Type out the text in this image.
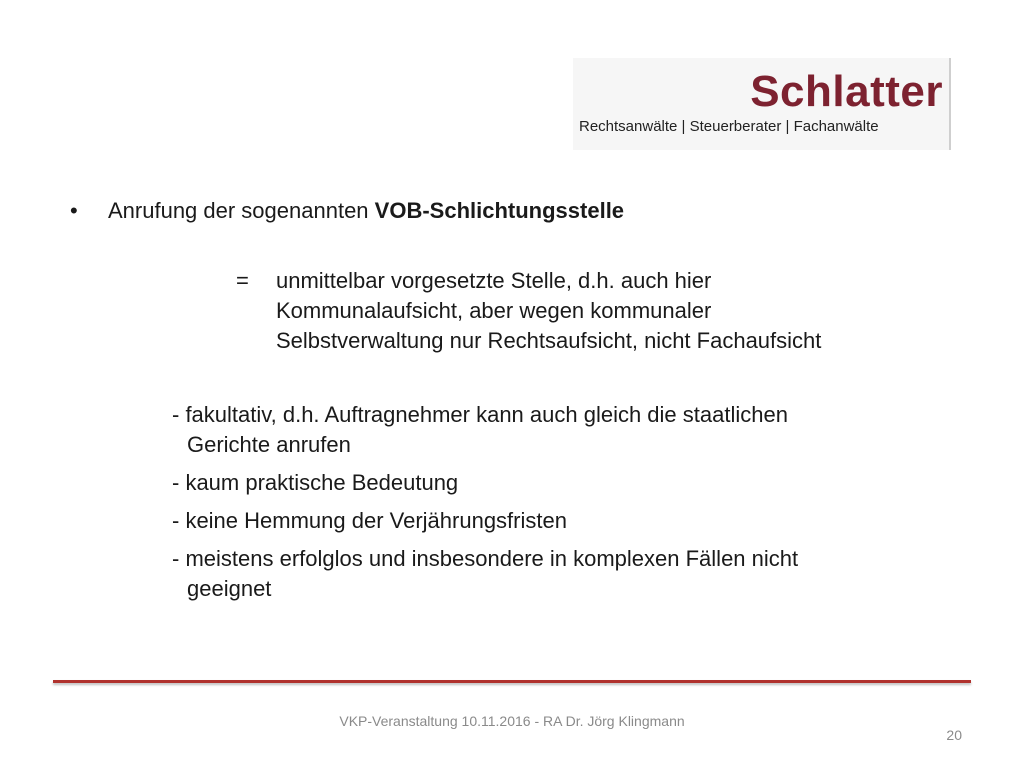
Schlatter
Rechtsanwälte | Steuerberater | Fachanwälte
• Anrufung der sogenannten VOB-Schlichtungsstelle
= unmittelbar vorgesetzte Stelle, d.h. auch hier
Kommunalaufsicht, aber wegen kommunaler
Selbstverwaltung nur Rechtsaufsicht, nicht Fachaufsicht
- fakultativ, d.h. Auftragnehmer kann auch gleich die staatlichen
Gerichte anrufen
- kaum praktische Bedeutung
- keine Hemmung der Verjährungsfristen
- meistens erfolglos und insbesondere in komplexen Fällen nicht
geeignet
VKP-Veranstaltung 10.11.2016 - RA Dr. Jörg Klingmann
20
